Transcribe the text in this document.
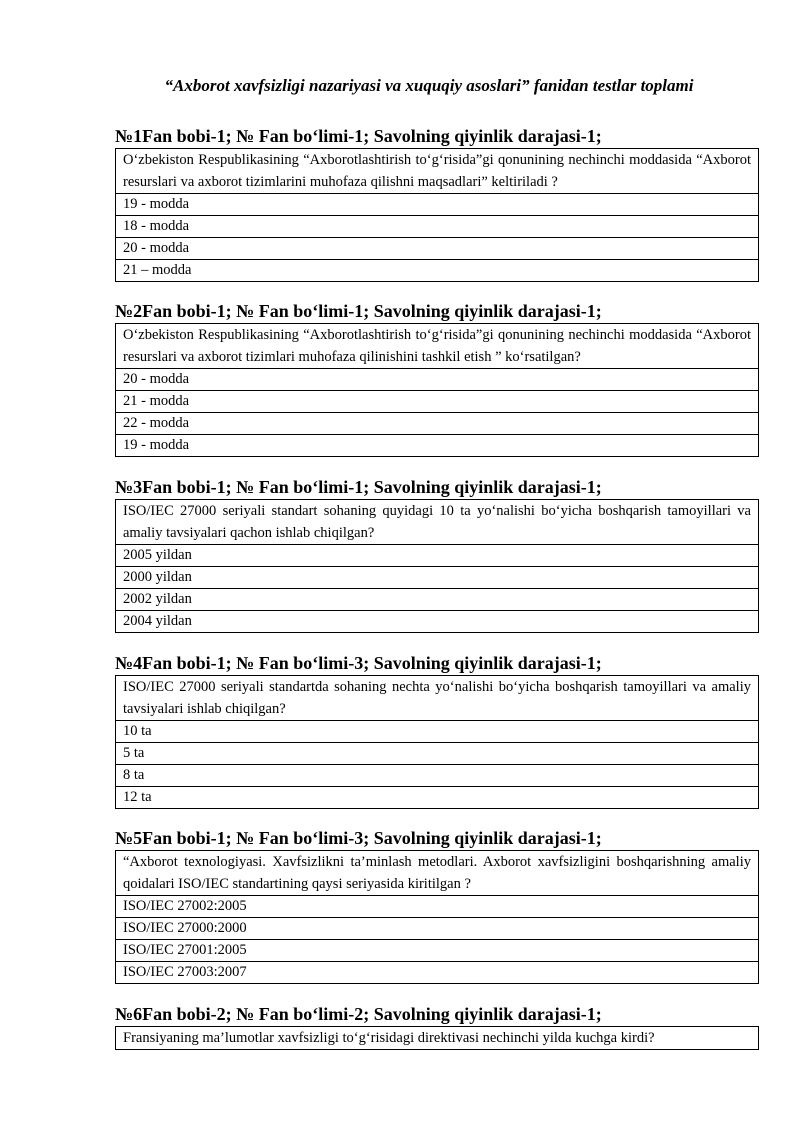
“Axborot xavfsizligi nazariyasi va xuquqiy asoslari” fanidan testlar toplami
№1Fan bobi-1; № Fan bo‘limi-1; Savolning qiyinlik darajasi-1;
O‘zbekiston Respublikasining “Axborotlashtirish to‘g‘risida”gi qonunining nechinchi moddasida “Axborot resurslari va axborot tizimlarini muhofaza qilishni maqsadlari” keltiriladi ?
19 - modda
18 - modda
20 - modda
21 – modda
№2Fan bobi-1; № Fan bo‘limi-1; Savolning qiyinlik darajasi-1;
O‘zbekiston Respublikasining “Axborotlashtirish to‘g‘risida”gi qonunining nechinchi moddasida “Axborot resurslari va axborot tizimlari muhofaza qilinishini tashkil etish ” ko‘rsatilgan?
20 - modda
21 - modda
22 - modda
19 - modda
№3Fan bobi-1; № Fan bo‘limi-1; Savolning qiyinlik darajasi-1;
ISO/IEC 27000 seriyali standart sohaning quyidagi 10 ta yo‘nalishi bo‘yicha boshqarish tamoyillari va amaliy tavsiyalari qachon ishlab chiqilgan?
2005 yildan
2000 yildan
2002 yildan
2004 yildan
№4Fan bobi-1; № Fan bo‘limi-3; Savolning qiyinlik darajasi-1;
ISO/IEC 27000 seriyali standartda sohaning nechta yo‘nalishi bo‘yicha boshqarish tamoyillari va amaliy tavsiyalari ishlab chiqilgan?
10 ta
5 ta
8 ta
12 ta
№5Fan bobi-1; № Fan bo‘limi-3; Savolning qiyinlik darajasi-1;
“Axborot texnologiyasi. Xavfsizlikni ta’minlash metodlari. Axborot xavfsizligini boshqarishning amaliy qoidalari ISO/IEC standartining qaysi seriyasida kiritilgan ?
ISO/IEC 27002:2005
ISO/IEC 27000:2000
ISO/IEC 27001:2005
ISO/IEC 27003:2007
№6Fan bobi-2; № Fan bo‘limi-2; Savolning qiyinlik darajasi-1;
Fransiyaning ma’lumotlar xavfsizligi to‘g‘risidagi direktivasi nechinchi yilda kuchga kirdi?
